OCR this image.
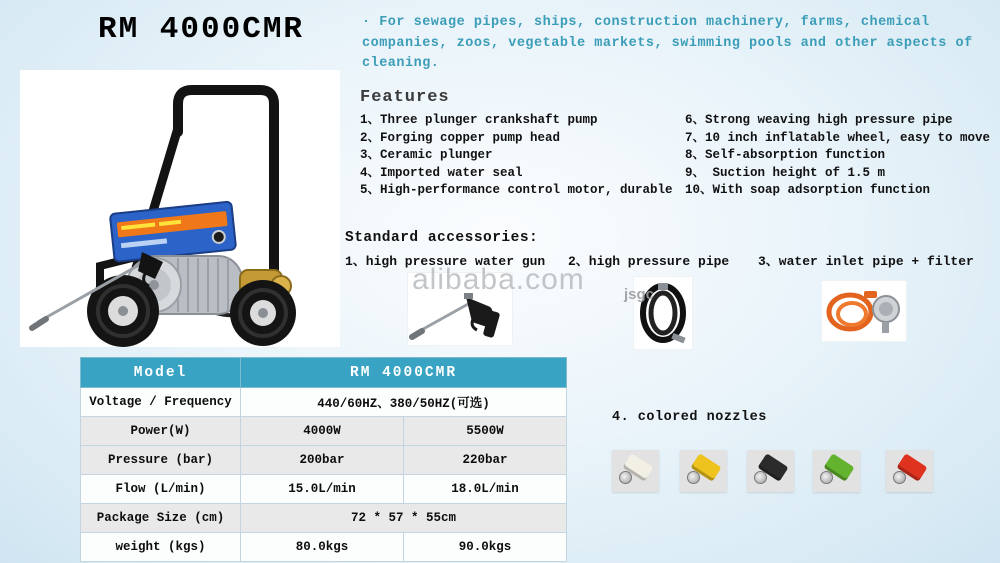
RM 4000CMR	· For sewage pipes, ships, construction machinery, farms, chemical companies, zoos, vegetable markets, swimming pools and other aspects of cleaning.
Features
1、Three plunger crankshaft pump
2、Forging copper pump head
3、Ceramic plunger
4、Imported water seal
5、High-performance control motor, durable
6、Strong weaving high pressure pipe
7、10 inch inflatable wheel, easy to move
8、Self-absorption function
9、 Suction height of 1.5 m
10、With soap adsorption function
Standard accessories:
1、high pressure water gun 2、high pressure pipe 3、water inlet pipe + filter
alibaba.com	jsgc
Model	RM 4000CMR	
Voltage / Frequency	440/60HZ、380/50HZ(可选)	
Power(W)	4000W	5500W
Pressure (bar)	200bar	220bar
Flow (L/min)	15.0L/min	18.0L/min
Package Size (cm)	72 * 57 * 55cm	
weight (kgs)	80.0kgs	90.0kgs
4. colored nozzles
